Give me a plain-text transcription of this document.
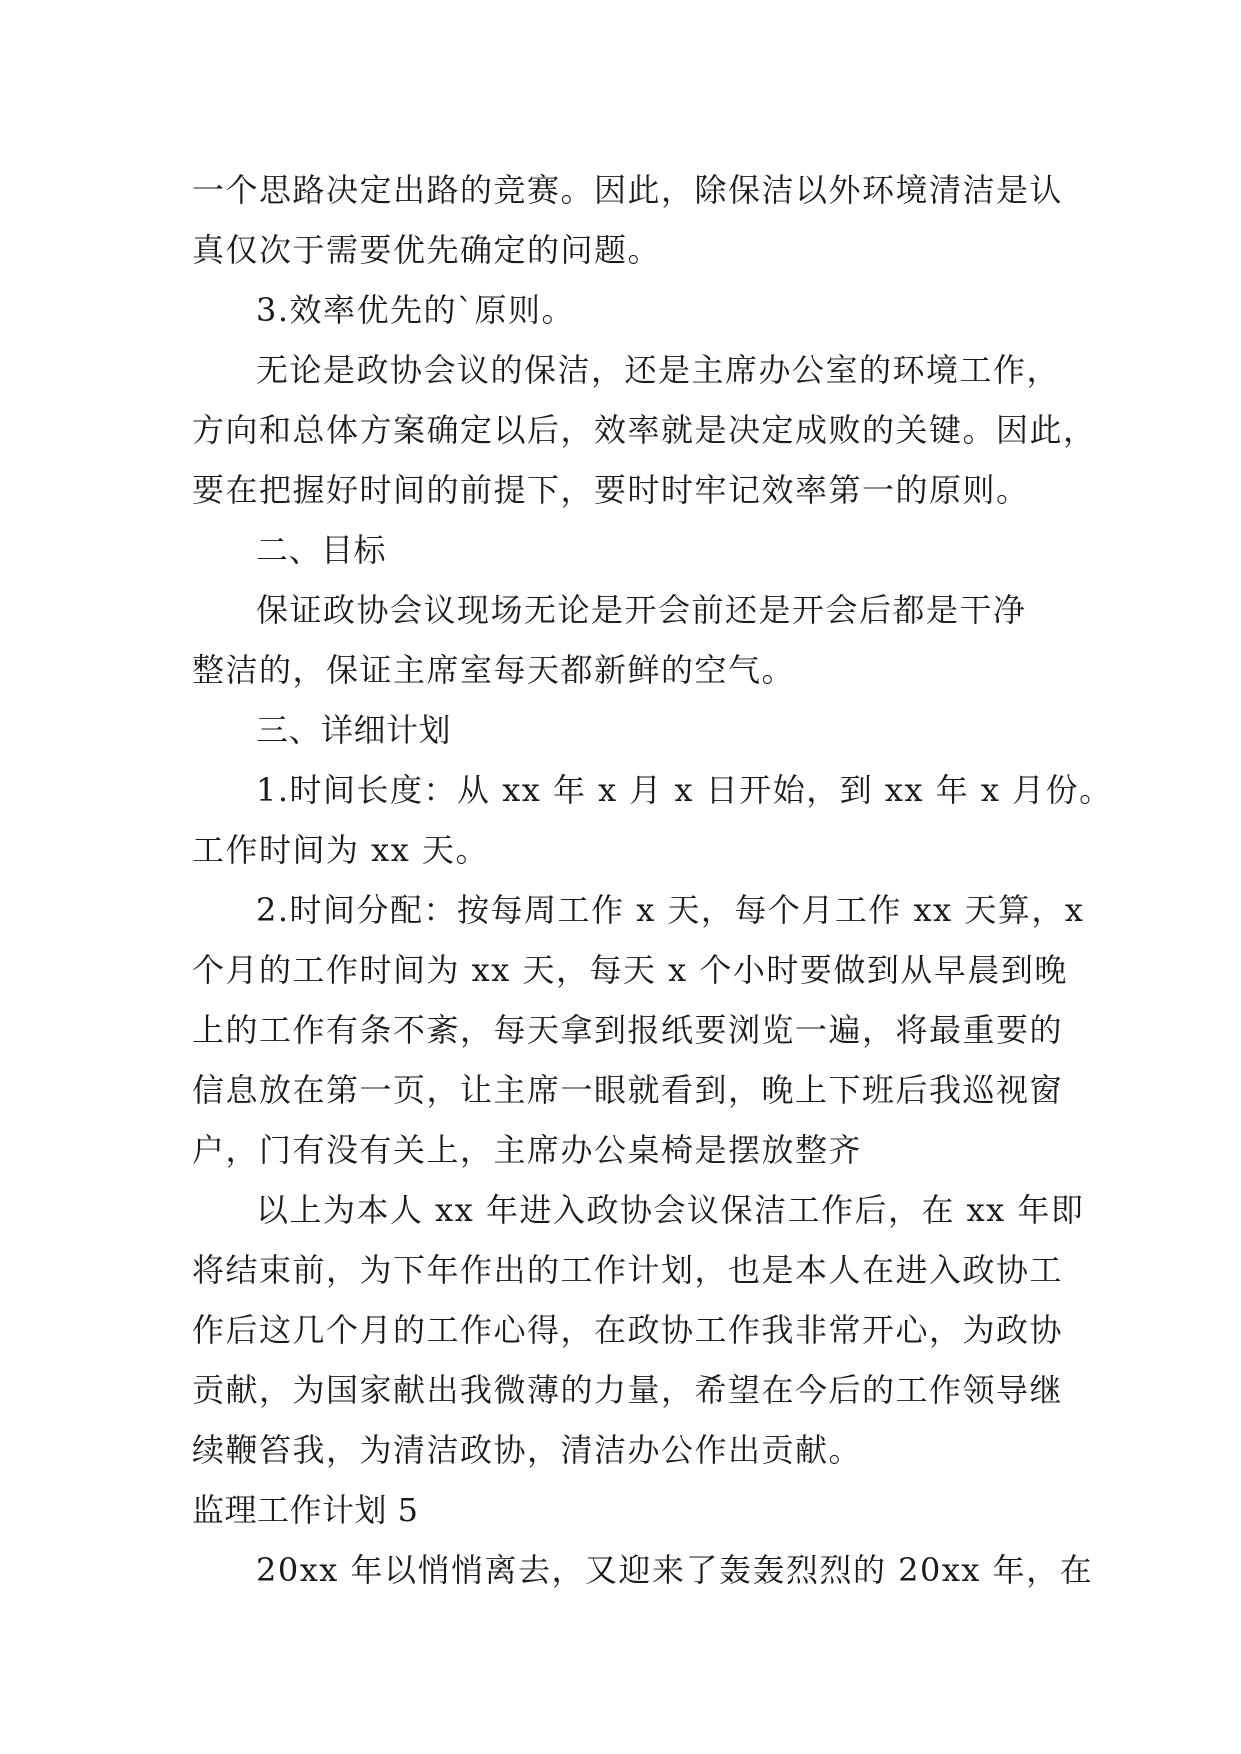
一个思路决定出路的竞赛。因此，除保洁以外环境清洁是认
真仅次于需要优先确定的问题。
3.效率优先的`原则。
无论是政协会议的保洁，还是主席办公室的环境工作，
方向和总体方案确定以后，效率就是决定成败的关键。因此，
要在把握好时间的前提下，要时时牢记效率第一的原则。
二、目标
保证政协会议现场无论是开会前还是开会后都是干净
整洁的，保证主席室每天都新鲜的空气。
三、详细计划
1.时间长度：从 xx 年 x 月 x 日开始，到 xx 年 x 月份。
工作时间为 xx 天。
2.时间分配：按每周工作 x 天，每个月工作 xx 天算，x
个月的工作时间为 xx 天，每天 x 个小时要做到从早晨到晚
上的工作有条不紊，每天拿到报纸要浏览一遍，将最重要的
信息放在第一页，让主席一眼就看到，晚上下班后我巡视窗
户，门有没有关上，主席办公桌椅是摆放整齐
以上为本人 xx 年进入政协会议保洁工作后，在 xx 年即
将结束前，为下年作出的工作计划，也是本人在进入政协工
作后这几个月的工作心得，在政协工作我非常开心，为政协
贡献，为国家献出我微薄的力量，希望在今后的工作领导继
续鞭笞我，为清洁政协，清洁办公作出贡献。
监理工作计划 5
20xx 年以悄悄离去，又迎来了轰轰烈烈的 20xx 年，在
